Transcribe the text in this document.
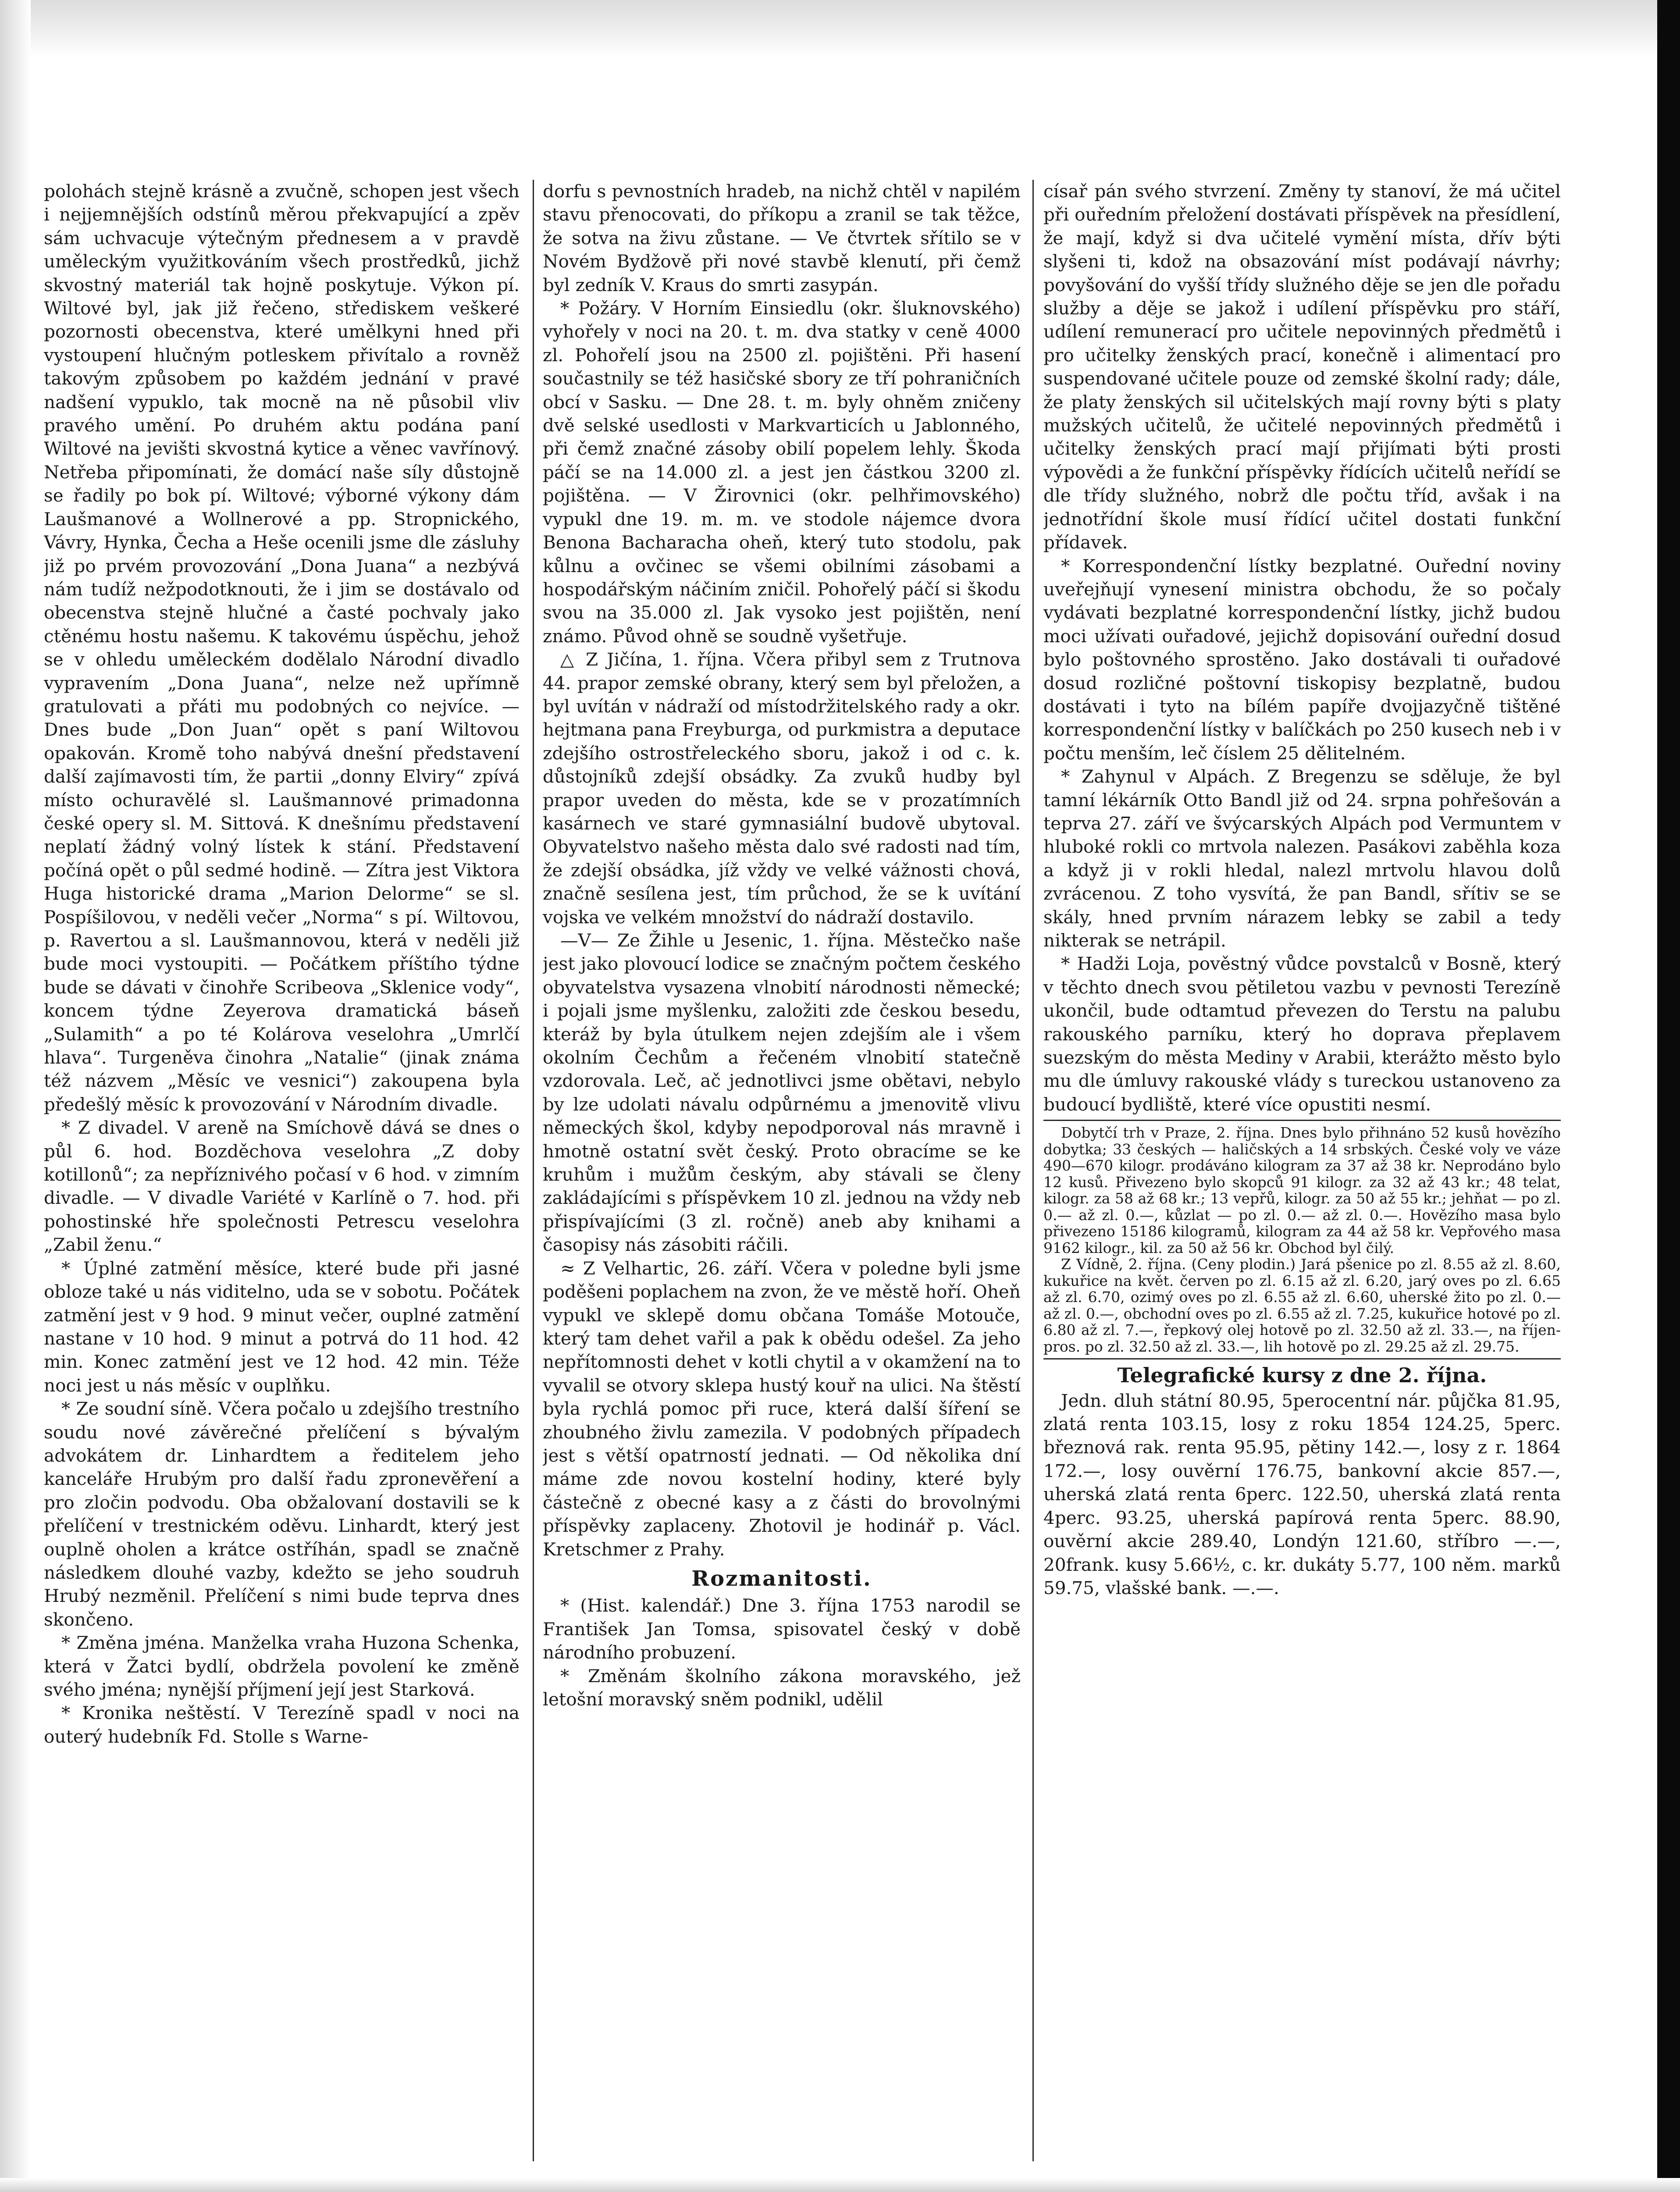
polohách stejně krásně a zvučně, schopen jest všech i nejjemnějších odstínů měrou překvapující a zpěv sám uchvacuje výtečným přednesem a v pravdě uměleckým využitkováním všech prostředků, jichž skvostný materiál tak hojně poskytuje. Výkon pí. Wiltové byl, jak již řečeno, střediskem veškeré pozornosti obecenstva, které umělkyni hned při vystoupení hlučným potleskem přivítalo a rovněž takovým způsobem po každém jednání v pravé nadšení vypuklo, tak mocně na ně působil vliv pravého umění. Po druhém aktu podána paní Wiltové na jevišti skvostná kytice a věnec vavřínový. Netřeba připomínati, že domácí naše síly důstojně se řadily po bok pí. Wiltové; výborné výkony dám Laušmanové a Wollnerové a pp. Stropnického, Vávry, Hynka, Čecha a Heše ocenili jsme dle zásluhy již po prvém provozování „Dona Juana“ a nezbývá nám tudíž nežpodotknouti, že i jim se dostávalo od obecenstva stejně hlučné a časté pochvaly jako ctěnému hostu našemu. K takovému úspěchu, jehož se v ohledu uměleckém dodělalo Národní divadlo vypravením „Dona Juana“, nelze než upřímně gratulovati a přáti mu podobných co nejvíce. — Dnes bude „Don Juan“ opět s paní Wiltovou opakován. Kromě toho nabývá dnešní představení další zajímavosti tím, že partii „donny Elviry“ zpívá místo ochuravělé sl. Laušmannové primadonna české opery sl. M. Sittová. K dnešnímu představení neplatí žádný volný lístek k stání. Představení počíná opět o půl sedmé hodině. — Zítra jest Viktora Huga historické drama „Marion Delorme“ se sl. Pospíšilovou, v neděli večer „Norma“ s pí. Wiltovou, p. Ravertou a sl. Laušmannovou, která v neděli již bude moci vystoupiti. — Počátkem příštího týdne bude se dávati v činohře Scribeova „Sklenice vody“, koncem týdne Zeyerova dramatická báseň „Sulamith“ a po té Kolárova veselohra „Umrlčí hlava“. Turgeněva činohra „Natalie“ (jinak známa též názvem „Měsíc ve vesnici“) zakoupena byla předešlý měsíc k provozování v Národním divadle.

* Z divadel. V areně na Smíchově dává se dnes o půl 6. hod. Bozděchova veselohra „Z doby kotillonů“; za nepříznivého počasí v 6 hod. v zimním divadle. — V divadle Variété v Karlíně o 7. hod. při pohostinské hře společnosti Petrescu veselohra „Zabil ženu.“

* Úplné zatmění měsíce, které bude při jasné obloze také u nás viditelno, uda se v sobotu. Počátek zatmění jest v 9 hod. 9 minut večer, ouplné zatmění nastane v 10 hod. 9 minut a potrvá do 11 hod. 42 min. Konec zatmění jest ve 12 hod. 42 min. Téže noci jest u nás měsíc v ouplňku.

* Ze soudní síně. Včera počalo u zdejšího trestního soudu nové závěrečné přelíčení s bývalým advokátem dr. Linhardtem a ředitelem jeho kanceláře Hrubým pro další řadu zpronevěření a pro zločin podvodu. Oba obžalovaní dostavili se k přelíčení v trestnickém oděvu. Linhardt, který jest ouplně oholen a krátce ostříhán, spadl se značně následkem dlouhé vazby, kdežto se jeho soudruh Hrubý nezměnil. Přelíčení s nimi bude teprva dnes skončeno.

* Změna jména. Manželka vraha Huzona Schenka, která v Žatci bydlí, obdržela povolení ke změně svého jména; nynější příjmení její jest Starková.

* Kronika neštěstí. V Terezíně spadl v noci na outerý hudebník Fd. Stolle s Warne-

dorfu s pevnostních hradeb, na nichž chtěl v napilém stavu přenocovati, do příkopu a zranil se tak těžce, že sotva na živu zůstane. — Ve čtvrtek sřítilo se v Novém Bydžově při nové stavbě klenutí, při čemž byl zedník V. Kraus do smrti zasypán.

* Požáry. V Horním Einsiedlu (okr. šluknovského) vyhořely v noci na 20. t. m. dva statky v ceně 4000 zl. Pohořelí jsou na 2500 zl. pojištěni. Při hasení součastnily se též hasičské sbory ze tří pohraničních obcí v Sasku. — Dne 28. t. m. byly ohněm zničeny dvě selské usedlosti v Markvarticích u Jablonného, při čemž značné zásoby obilí popelem lehly. Škoda páčí se na 14.000 zl. a jest jen částkou 3200 zl. pojištěna. — V Žirovnici (okr. pelhřimovského) vypukl dne 19. m. m. ve stodole nájemce dvora Benona Bacharacha oheň, který tuto stodolu, pak kůlnu a ovčinec se všemi obilními zásobami a hospodářským náčiním zničil. Pohořelý páčí si škodu svou na 35.000 zl. Jak vysoko jest pojištěn, není známo. Původ ohně se soudně vyšetřuje.

△ Z Jičína, 1. října. Včera přibyl sem z Trutnova 44. prapor zemské obrany, který sem byl přeložen, a byl uvítán v nádraží od místodržitelského rady a okr. hejtmana pana Freyburga, od purkmistra a deputace zdejšího ostrostřeleckého sboru, jakož i od c. k. důstojníků zdejší obsádky. Za zvuků hudby byl prapor uveden do města, kde se v prozatímních kasárnech ve staré gymnasiální budově ubytoval. Obyvatelstvo našeho města dalo své radosti nad tím, že zdejší obsádka, jíž vždy ve velké vážnosti chová, značně sesílena jest, tím průchod, že se k uvítání vojska ve velkém množství do nádraží dostavilo.

—V— Ze Žihle u Jesenic, 1. října. Městečko naše jest jako plovoucí lodice se značným počtem českého obyvatelstva vysazena vlnobití národnosti německé; i pojali jsme myšlenku, založiti zde českou besedu, kteráž by byla útulkem nejen zdejším ale i všem okolním Čechům a řečeném vlnobití statečně vzdorovala. Leč, ač jednotlivci jsme obětavi, nebylo by lze udolati návalu odpůrnému a jmenovitě vlivu německých škol, kdyby nepodporoval nás mravně i hmotně ostatní svět český. Proto obracíme se ke kruhům i mužům českým, aby stávali se členy zakládajícími s příspěvkem 10 zl. jednou na vždy neb přispívajícími (3 zl. ročně) aneb aby knihami a časopisy nás zásobiti ráčili.

≈ Z Velhartic, 26. září. Včera v poledne byli jsme poděšeni poplachem na zvon, že ve městě hoří. Oheň vypukl ve sklepě domu občana Tomáše Motouče, který tam dehet vařil a pak k obědu odešel. Za jeho nepřítomnosti dehet v kotli chytil a v okamžení na to vyvalil se otvory sklepa hustý kouř na ulici. Na štěstí byla rychlá pomoc při ruce, která další šíření se zhoubného živlu zamezila. V podobných případech jest s větší opatrností jednati. — Od několika dní máme zde novou kostelní hodiny, které byly částečně z obecné kasy a z části do brovolnými příspěvky zaplaceny. Zhotovil je hodinář p. Václ. Kretschmer z Prahy.

Rozmanitosti.

* (Hist. kalendář.) Dne 3. října 1753 narodil se František Jan Tomsa, spisovatel český v době národního probuzení.

* Změnám školního zákona moravského, jež letošní moravský sněm podnikl, udělil

císař pán svého stvrzení. Změny ty stanoví, že má učitel při ouředním přeložení dostávati příspěvek na přesídlení, že mají, když si dva učitelé vymění místa, dřív býti slyšeni ti, kdož na obsazování míst podávají návrhy; povyšování do vyšší třídy služného děje se jen dle pořadu služby a děje se jakož i udílení příspěvku pro stáří, udílení remunerací pro učitele nepovinných předmětů i pro učitelky ženských prací, konečně i alimentací pro suspendované učitele pouze od zemské školní rady; dále, že platy ženských sil učitelských mají rovny býti s platy mužských učitelů, že učitelé nepovinných předmětů i učitelky ženských prací mají přijímati býti prosti výpovědi a že funkční příspěvky řídících učitelů neřídí se dle třídy služného, nobrž dle počtu tříd, avšak i na jednotřídní škole musí řídící učitel dostati funkční přídavek.

* Korrespondenční lístky bezplatné. Ouřední noviny uveřejňují vynesení ministra obchodu, že so počaly vydávati bezplatné korrespondenční lístky, jichž budou moci užívati ouřadové, jejichž dopisování ouřední dosud bylo poštovného sprostěno. Jako dostávali ti ouřadové dosud rozličné poštovní tiskopisy bezplatně, budou dostávati i tyto na bílém papíře dvojjazyčně tištěné korrespondenční lístky v balíčkách po 250 kusech neb i v počtu menším, leč číslem 25 dělitelném.

* Zahynul v Alpách. Z Bregenzu se sděluje, že byl tamní lékárník Otto Bandl již od 24. srpna pohřešován a teprva 27. září ve švýcarských Alpách pod Vermuntem v hluboké rokli co mrtvola nalezen. Pasákovi zaběhla koza a když ji v rokli hledal, nalezl mrtvolu hlavou dolů zvrácenou. Z toho vysvítá, že pan Bandl, sřítiv se se skály, hned prvním nárazem lebky se zabil a tedy nikterak se netrápil.

* Hadži Loja, pověstný vůdce povstalců v Bosně, který v těchto dnech svou pětiletou vazbu v pevnosti Terezíně ukončil, bude odtamtud převezen do Terstu na palubu rakouského parníku, který ho doprava přeplavem suezským do města Mediny v Arabii, kterážto město bylo mu dle úmluvy rakouské vlády s tureckou ustanoveno za budoucí bydliště, které více opustiti nesmí.

Dobytčí trh v Praze, 2. října. Dnes bylo přihnáno 52 kusů hovězího dobytka; 33 českých — haličských a 14 srbských. České voly ve váze 490—670 kilogr. prodáváno kilogram za 37 až 38 kr. Neprodáno bylo 12 kusů. Přivezeno bylo skopců 91 kilogr. za 32 až 43 kr.; 48 telat, kilogr. za 58 až 68 kr.; 13 vepřů, kilogr. za 50 až 55 kr.; jehňat — po zl. 0.— až zl. 0.—, kůzlat — po zl. 0.— až zl. 0.—. Hovězího masa bylo přivezeno 15186 kilogramů, kilogram za 44 až 58 kr. Vepřového masa 9162 kilogr., kil. za 50 až 56 kr. Obchod byl čilý.

Z Vídně, 2. října. (Ceny plodin.) Jará pšenice po zl. 8.55 až zl. 8.60, kukuřice na květ. červen po zl. 6.15 až zl. 6.20, jarý oves po zl. 6.65 až zl. 6.70, ozimý oves po zl. 6.55 až zl. 6.60, uherské žito po zl. 0.— až zl. 0.—, obchodní oves po zl. 6.55 až zl. 7.25, kukuřice hotové po zl. 6.80 až zl. 7.—, řepkový olej hotově po zl. 32.50 až zl. 33.—, na říjen-pros. po zl. 32.50 až zl. 33.—, lih hotově po zl. 29.25 až zl. 29.75.

Telegrafické kursy z dne 2. října.

Jedn. dluh státní 80.95, 5perocentní nár. půjčka 81.95, zlatá renta 103.15, losy z roku 1854 124.25, 5perc. březnová rak. renta 95.95, pětiny 142.—, losy z r. 1864 172.—, losy ouvěrní 176.75, bankovní akcie 857.—, uherská zlatá renta 6perc. 122.50, uherská zlatá renta 4perc. 93.25, uherská papírová renta 5perc. 88.90, ouvěrní akcie 289.40, Londýn 121.60, stříbro —.—, 20frank. kusy 5.66½, c. kr. dukáty 5.77, 100 něm. marků 59.75, vlašské bank. —.—.
